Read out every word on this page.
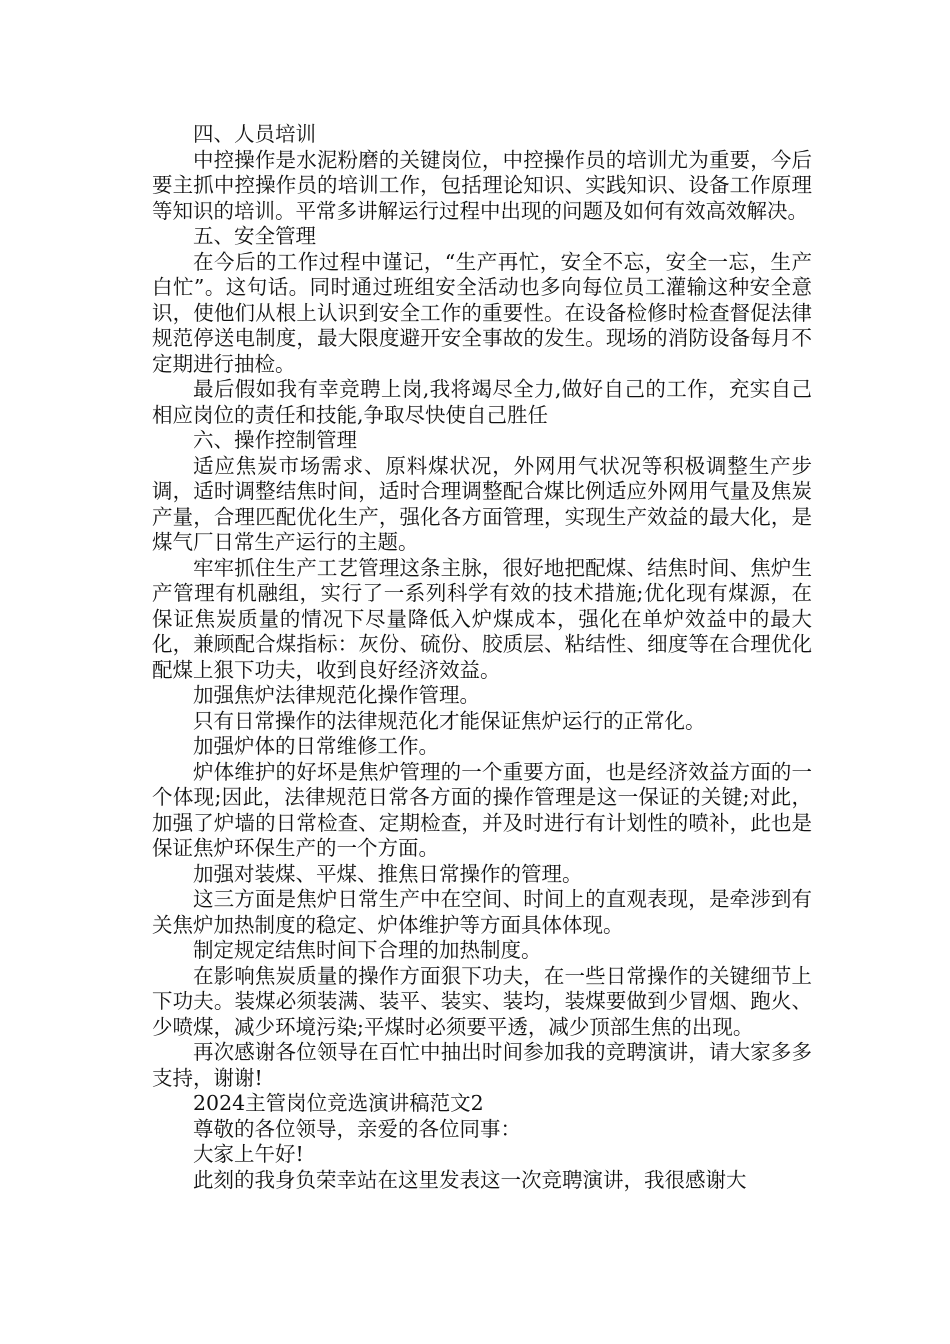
四、人员培训

中控操作是水泥粉磨的关键岗位，中控操作员的培训尤为重要，今后要主抓中控操作员的培训工作，包括理论知识、实践知识、设备工作原理等知识的培训。平常多讲解运行过程中出现的问题及如何有效高效解决。

五、安全管理

在今后的工作过程中谨记，“生产再忙，安全不忘，安全一忘，生产白忙”。这句话。同时通过班组安全活动也多向每位员工灌输这种安全意识，使他们从根上认识到安全工作的重要性。在设备检修时检查督促法律规范停送电制度，最大限度避开安全事故的发生。现场的消防设备每月不定期进行抽检。

最后假如我有幸竞聘上岗,我将竭尽全力,做好自己的工作，充实自己相应岗位的责任和技能,争取尽快使自己胜任

六、操作控制管理

适应焦炭市场需求、原料煤状况，外网用气状况等积极调整生产步调，适时调整结焦时间，适时合理调整配合煤比例适应外网用气量及焦炭产量，合理匹配优化生产，强化各方面管理，实现生产效益的最大化，是煤气厂日常生产运行的主题。

牢牢抓住生产工艺管理这条主脉，很好地把配煤、结焦时间、焦炉生产管理有机融组，实行了一系列科学有效的技术措施;优化现有煤源，在保证焦炭质量的情况下尽量降低入炉煤成本，强化在单炉效益中的最大化，兼顾配合煤指标：灰份、硫份、胶质层、粘结性、细度等在合理优化配煤上狠下功夫，收到良好经济效益。

加强焦炉法律规范化操作管理。

只有日常操作的法律规范化才能保证焦炉运行的正常化。

加强炉体的日常维修工作。

炉体维护的好坏是焦炉管理的一个重要方面，也是经济效益方面的一个体现;因此，法律规范日常各方面的操作管理是这一保证的关键;对此，加强了炉墙的日常检查、定期检查，并及时进行有计划性的喷补，此也是保证焦炉环保生产的一个方面。

加强对装煤、平煤、推焦日常操作的管理。

这三方面是焦炉日常生产中在空间、时间上的直观表现，是牵涉到有关焦炉加热制度的稳定、炉体维护等方面具体体现。

制定规定结焦时间下合理的加热制度。

在影响焦炭质量的操作方面狠下功夫，在一些日常操作的关键细节上下功夫。装煤必须装满、装平、装实、装均，装煤要做到少冒烟、跑火、少喷煤，减少环境污染;平煤时必须要平透，减少顶部生焦的出现。

再次感谢各位领导在百忙中抽出时间参加我的竞聘演讲，请大家多多支持，谢谢!

2024主管岗位竞选演讲稿范文2

尊敬的各位领导，亲爱的各位同事：

大家上午好!

此刻的我身负荣幸站在这里发表这一次竞聘演讲，我很感谢大
